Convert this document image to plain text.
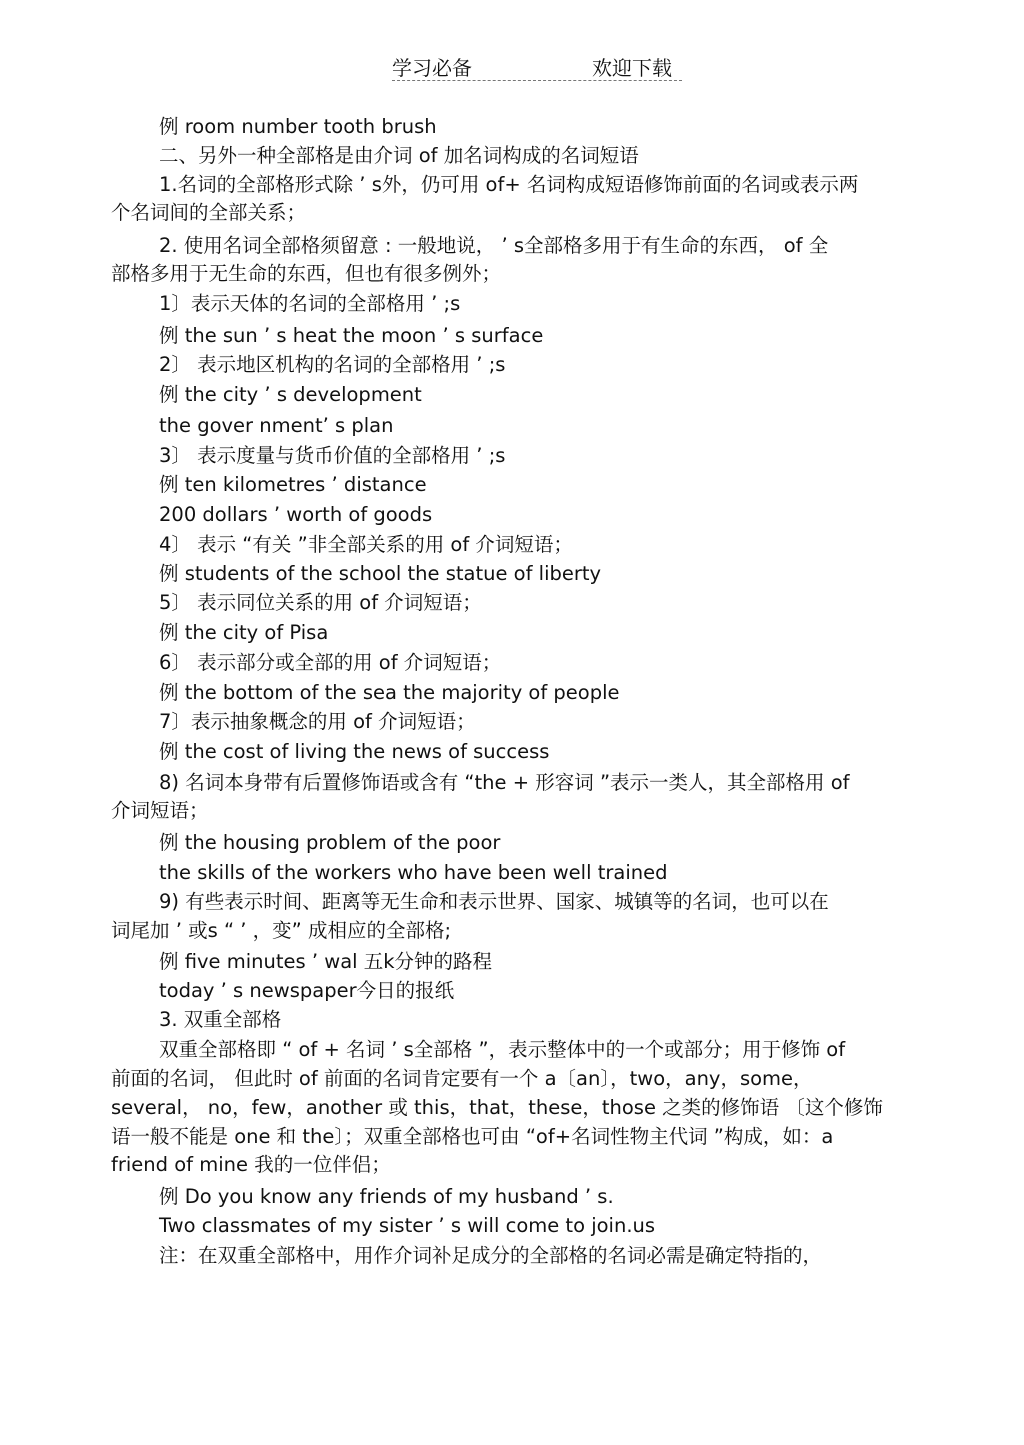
学习必备	欢迎下载
例 room number tooth brush
二、另外一种全部格是由介词 of 加名词构成的名词短语
1.名词的全部格形式除 ’ s外，仍可用 of+ 名词构成短语修饰前面的名词或表示两
个名词间的全部关系；
2. 使用名词全部格须留意 : 一般地说， ’ s全部格多用于有生命的东西， of 全
部格多用于无生命的东西，但也有很多例外；
1〕表示天体的名词的全部格用 ’ ;s
例 the sun ’ s heat the moon ’ s surface
2〕 表示地区机构的名词的全部格用 ’ ;s
例 the city ’ s development
the gover nment’ s plan
3〕 表示度量与货币价值的全部格用 ’ ;s
例 ten kilometres ’ distance
200 dollars ’ worth of goods
4〕 表示 “有关 ”非全部关系的用 of 介词短语；
例 students of the school the statue of liberty
5〕 表示同位关系的用 of 介词短语；
例 the city of Pisa
6〕 表示部分或全部的用 of 介词短语；
例 the bottom of the sea the majority of people
7〕表示抽象概念的用 of 介词短语；
例 the cost of living the news of success
8) 名词本身带有后置修饰语或含有 “the + 形容词 ”表示一类人，其全部格用 of
介词短语；
例 the housing problem of the poor
the skills of the workers who have been well trained
9) 有些表示时间、距离等无生命和表示世界、国家、城镇等的名词，也可以在
词尾加 ’ 或s “ ’ ，变” 成相应的全部格;
例 five minutes ’ wal 五k分钟的路程
today ’ s newspaper今日的报纸
3. 双重全部格
双重全部格即 “ of + 名词 ’ s全部格 ”，表示整体中的一个或部分；用于修饰 of
前面的名词， 但此时 of 前面的名词肯定要有一个 a〔an〕，two，any，some，
several， no，few，another 或 this，that，these，those 之类的修饰语 〔这个修饰
语一般不能是 one 和 the〕；双重全部格也可由 “of+名词性物主代词 ”构成，如：a
friend of mine 我的一位伴侣；
例 Do you know any friends of my husband ’ s.
Two classmates of my sister ’ s will come to join.us
注：在双重全部格中，用作介词补足成分的全部格的名词必需是确定特指的，
